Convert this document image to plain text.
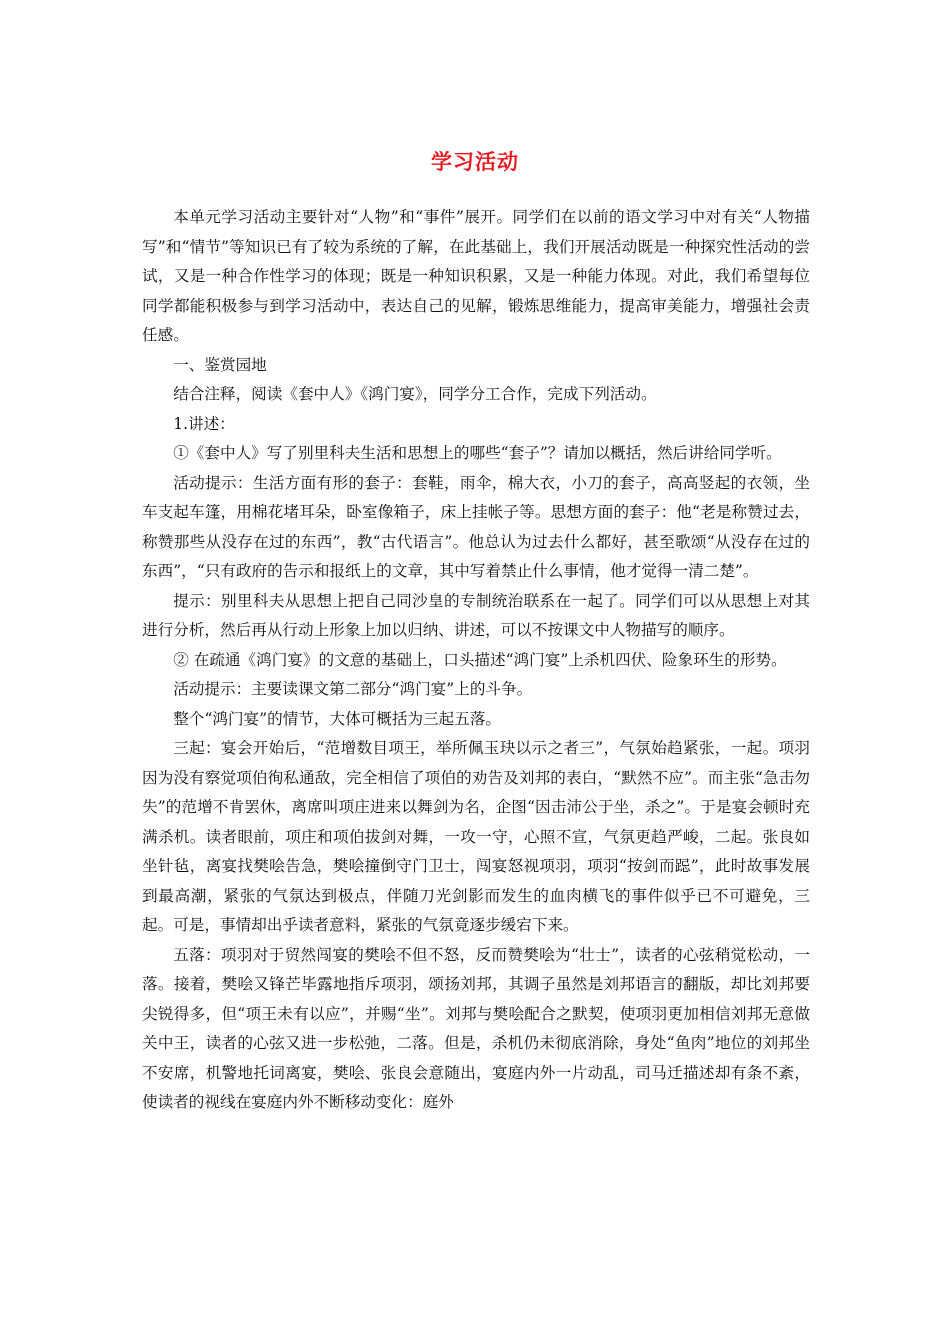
学习活动

本单元学习活动主要针对“人物”和“事件”展开。同学们在以前的语文学习中对有关“人物描写”和“情节”等知识已有了较为系统的了解，在此基础上，我们开展活动既是一种探究性活动的尝试，又是一种合作性学习的体现；既是一种知识积累，又是一种能力体现。对此，我们希望每位同学都能积极参与到学习活动中，表达自己的见解，锻炼思维能力，提高审美能力，增强社会责任感。

一、鉴赏园地

结合注释，阅读《套中人》《鸿门宴》，同学分工合作，完成下列活动。

1.讲述：

①《套中人》写了别里科夫生活和思想上的哪些“套子”？请加以概括，然后讲给同学听。

活动提示：生活方面有形的套子：套鞋，雨伞，棉大衣，小刀的套子，高高竖起的衣领，坐车支起车篷，用棉花堵耳朵，卧室像箱子，床上挂帐子等。思想方面的套子：他“老是称赞过去，称赞那些从没存在过的东西”，教“古代语言”。他总认为过去什么都好，甚至歌颂“从没存在过的东西”，“只有政府的告示和报纸上的文章，其中写着禁止什么事情，他才觉得一清二楚”。

提示：别里科夫从思想上把自己同沙皇的专制统治联系在一起了。同学们可以从思想上对其进行分析，然后再从行动上形象上加以归纳、讲述，可以不按课文中人物描写的顺序。

② 在疏通《鸿门宴》的文意的基础上，口头描述“鸿门宴”上杀机四伏、险象环生的形势。

活动提示：主要读课文第二部分“鸿门宴”上的斗争。

整个“鸿门宴”的情节，大体可概括为三起五落。

三起：宴会开始后，“范增数目项王，举所佩玉玦以示之者三”，气氛始趋紧张，一起。项羽因为没有察觉项伯徇私通敌，完全相信了项伯的劝告及刘邦的表白，“默然不应”。而主张“急击勿失”的范增不肯罢休，离席叫项庄进来以舞剑为名，企图“因击沛公于坐，杀之”。于是宴会顿时充满杀机。读者眼前，项庄和项伯拔剑对舞，一攻一守，心照不宣，气氛更趋严峻，二起。张良如坐针毡，离宴找樊哙告急，樊哙撞倒守门卫士，闯宴怒视项羽，项羽“按剑而跽”，此时故事发展到最高潮，紧张的气氛达到极点，伴随刀光剑影而发生的血肉横飞的事件似乎已不可避免，三起。可是，事情却出乎读者意料，紧张的气氛竟逐步缓宕下来。

五落：项羽对于贸然闯宴的樊哙不但不怒，反而赞樊哙为“壮士”，读者的心弦稍觉松动，一落。接着，樊哙又锋芒毕露地指斥项羽，颂扬刘邦，其调子虽然是刘邦语言的翻版，却比刘邦要尖锐得多，但“项王未有以应”，并赐“坐”。刘邦与樊哙配合之默契，使项羽更加相信刘邦无意做关中王，读者的心弦又进一步松弛，二落。但是，杀机仍未彻底消除，身处“鱼肉”地位的刘邦坐不安席，机警地托词离宴，樊哙、张良会意随出，宴庭内外一片动乱，司马迁描述却有条不紊，使读者的视线在宴庭内外不断移动变化：庭外
